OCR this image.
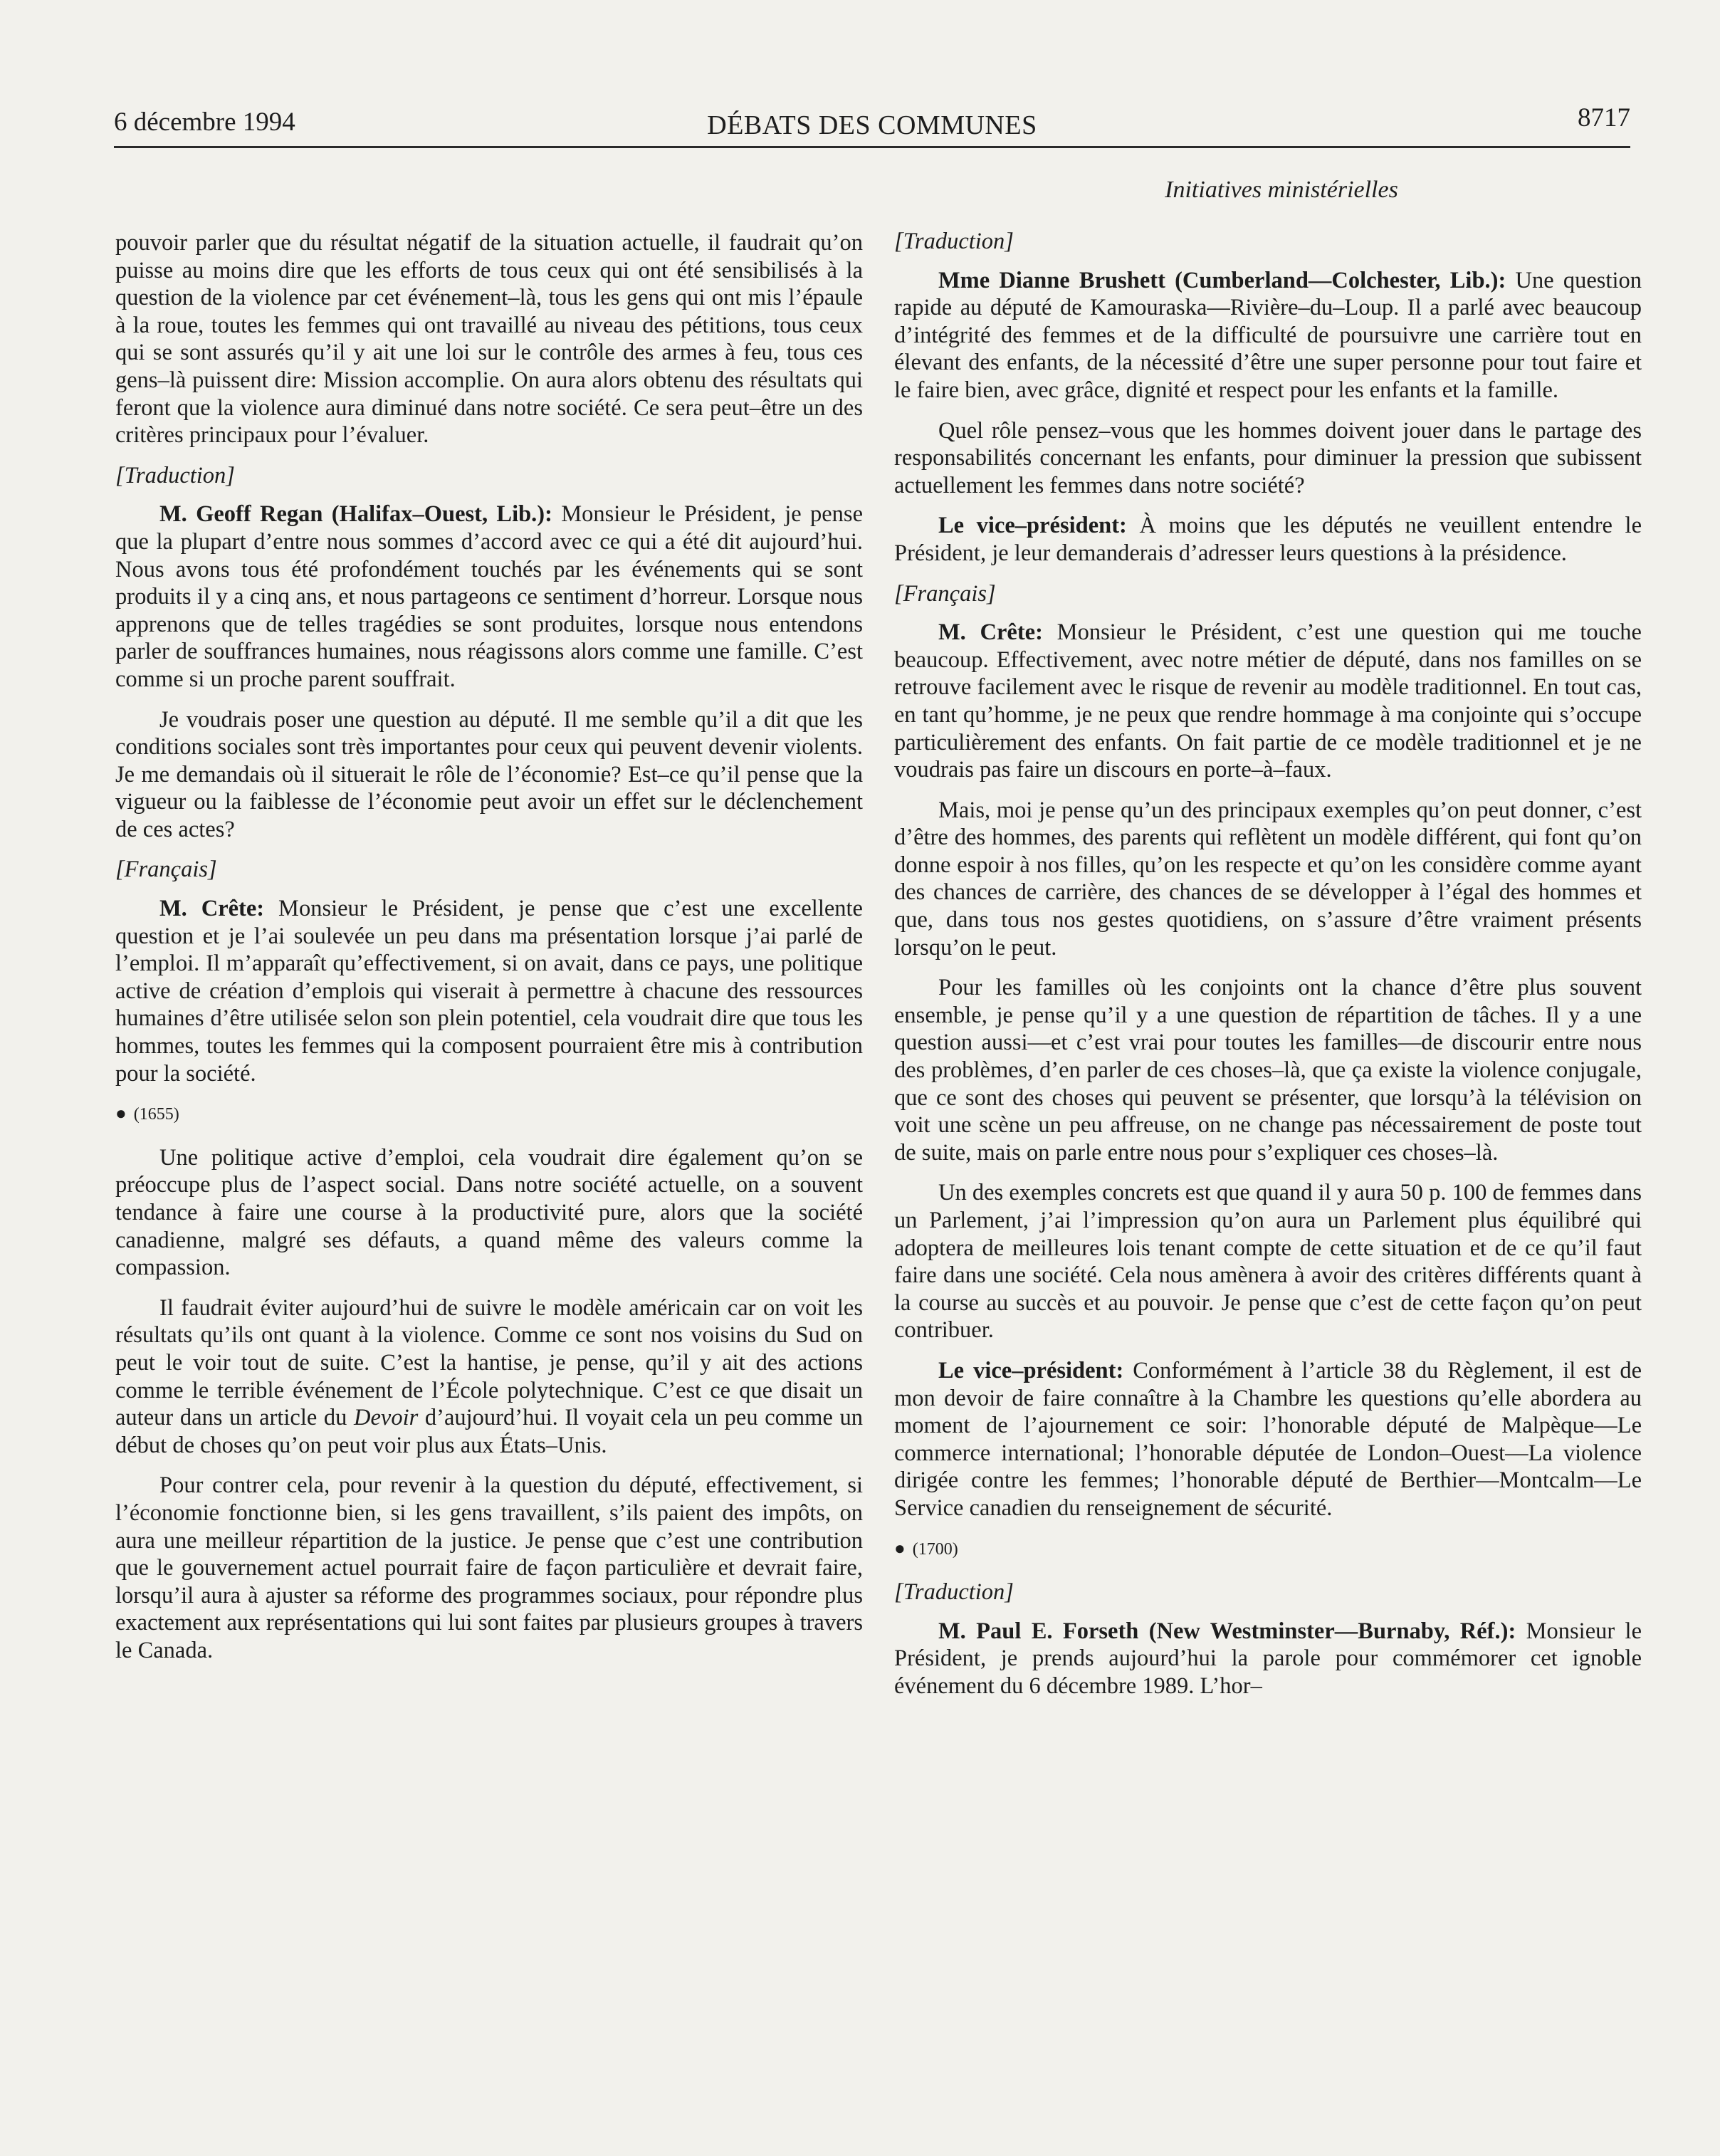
6 décembre 1994	DÉBATS DES COMMUNES	8717
Initiatives ministérielles

pouvoir parler que du résultat négatif de la situation actuelle, il faudrait qu’on puisse au moins dire que les efforts de tous ceux qui ont été sensibilisés à la question de la violence par cet événement–là, tous les gens qui ont mis l’épaule à la roue, toutes les femmes qui ont travaillé au niveau des pétitions, tous ceux qui se sont assurés qu’il y ait une loi sur le contrôle des armes à feu, tous ces gens–là puissent dire: Mission accomplie. On aura alors obtenu des résultats qui feront que la violence aura diminué dans notre société. Ce sera peut–être un des critères principaux pour l’évaluer.

[Traduction]

M. Geoff Regan (Halifax–Ouest, Lib.): Monsieur le Président, je pense que la plupart d’entre nous sommes d’accord avec ce qui a été dit aujourd’hui. Nous avons tous été profondément touchés par les événements qui se sont produits il y a cinq ans, et nous partageons ce sentiment d’horreur. Lorsque nous apprenons que de telles tragédies se sont produites, lorsque nous entendons parler de souffrances humaines, nous réagissons alors comme une famille. C’est comme si un proche parent souffrait.

Je voudrais poser une question au député. Il me semble qu’il a dit que les conditions sociales sont très importantes pour ceux qui peuvent devenir violents. Je me demandais où il situerait le rôle de l’économie? Est–ce qu’il pense que la vigueur ou la faiblesse de l’économie peut avoir un effet sur le déclenchement de ces actes?

[Français]

M. Crête: Monsieur le Président, je pense que c’est une excellente question et je l’ai soulevée un peu dans ma présentation lorsque j’ai parlé de l’emploi. Il m’apparaît qu’effectivement, si on avait, dans ce pays, une politique active de création d’emplois qui viserait à permettre à chacune des ressources humaines d’être utilisée selon son plein potentiel, cela voudrait dire que tous les hommes, toutes les femmes qui la composent pourraient être mis à contribution pour la société.

● (1655)

Une politique active d’emploi, cela voudrait dire également qu’on se préoccupe plus de l’aspect social. Dans notre société actuelle, on a souvent tendance à faire une course à la productivité pure, alors que la société canadienne, malgré ses défauts, a quand même des valeurs comme la compassion.

Il faudrait éviter aujourd’hui de suivre le modèle américain car on voit les résultats qu’ils ont quant à la violence. Comme ce sont nos voisins du Sud on peut le voir tout de suite. C’est la hantise, je pense, qu’il y ait des actions comme le terrible événement de l’École polytechnique. C’est ce que disait un auteur dans un article du Devoir d’aujourd’hui. Il voyait cela un peu comme un début de choses qu’on peut voir plus aux États–Unis.

Pour contrer cela, pour revenir à la question du député, effectivement, si l’économie fonctionne bien, si les gens travaillent, s’ils paient des impôts, on aura une meilleur répartition de la justice. Je pense que c’est une contribution que le gouvernement actuel pourrait faire de façon particulière et devrait faire, lorsqu’il aura à ajuster sa réforme des programmes sociaux, pour répondre plus exactement aux représentations qui lui sont faites par plusieurs groupes à travers le Canada.

[Traduction]

Mme Dianne Brushett (Cumberland—Colchester, Lib.): Une question rapide au député de Kamouraska—Rivière–du–Loup. Il a parlé avec beaucoup d’intégrité des femmes et de la difficulté de poursuivre une carrière tout en élevant des enfants, de la nécessité d’être une super personne pour tout faire et le faire bien, avec grâce, dignité et respect pour les enfants et la famille.

Quel rôle pensez–vous que les hommes doivent jouer dans le partage des responsabilités concernant les enfants, pour diminuer la pression que subissent actuellement les femmes dans notre société?

Le vice–président: À moins que les députés ne veuillent entendre le Président, je leur demanderais d’adresser leurs questions à la présidence.

[Français]

M. Crête: Monsieur le Président, c’est une question qui me touche beaucoup. Effectivement, avec notre métier de député, dans nos familles on se retrouve facilement avec le risque de revenir au modèle traditionnel. En tout cas, en tant qu’homme, je ne peux que rendre hommage à ma conjointe qui s’occupe particulièrement des enfants. On fait partie de ce modèle traditionnel et je ne voudrais pas faire un discours en porte–à–faux.

Mais, moi je pense qu’un des principaux exemples qu’on peut donner, c’est d’être des hommes, des parents qui reflètent un modèle différent, qui font qu’on donne espoir à nos filles, qu’on les respecte et qu’on les considère comme ayant des chances de carrière, des chances de se développer à l’égal des hommes et que, dans tous nos gestes quotidiens, on s’assure d’être vraiment présents lorsqu’on le peut.

Pour les familles où les conjoints ont la chance d’être plus souvent ensemble, je pense qu’il y a une question de répartition de tâches. Il y a une question aussi—et c’est vrai pour toutes les familles—de discourir entre nous des problèmes, d’en parler de ces choses–là, que ça existe la violence conjugale, que ce sont des choses qui peuvent se présenter, que lorsqu’à la télévision on voit une scène un peu affreuse, on ne change pas nécessairement de poste tout de suite, mais on parle entre nous pour s’expliquer ces choses–là.

Un des exemples concrets est que quand il y aura 50 p. 100 de femmes dans un Parlement, j’ai l’impression qu’on aura un Parlement plus équilibré qui adoptera de meilleures lois tenant compte de cette situation et de ce qu’il faut faire dans une société. Cela nous amènera à avoir des critères différents quant à la course au succès et au pouvoir. Je pense que c’est de cette façon qu’on peut contribuer.

Le vice–président: Conformément à l’article 38 du Règlement, il est de mon devoir de faire connaître à la Chambre les questions qu’elle abordera au moment de l’ajournement ce soir: l’honorable député de Malpèque—Le commerce international; l’honorable députée de London–Ouest—La violence dirigée contre les femmes; l’honorable député de Berthier—Montcalm—Le Service canadien du renseignement de sécurité.

● (1700)

[Traduction]

M. Paul E. Forseth (New Westminster—Burnaby, Réf.): Monsieur le Président, je prends aujourd’hui la parole pour commémorer cet ignoble événement du 6 décembre 1989. L’hor–
